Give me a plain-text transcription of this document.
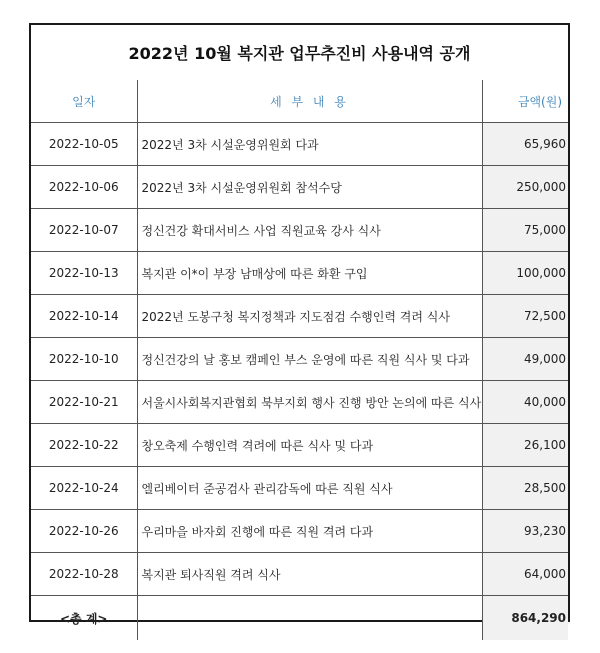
2022년 10월 복지관 업무추진비 사용내역 공개
일자	세 부 내 용	금액(원)
2022-10-05	2022년 3차 시설운영위원회 다과	65,960
2022-10-06	2022년 3차 시설운영위원회 참석수당	250,000
2022-10-07	정신건강 확대서비스 사업 직원교육 강사 식사	75,000
2022-10-13	복지관 이*이 부장 남매상에 따른 화환 구입	100,000
2022-10-14	2022년 도봉구청 복지정책과 지도점검 수행인력 격려 식사	72,500
2022-10-10	정신건강의 날 홍보 캠페인 부스 운영에 따른 직원 식사 및 다과	49,000
2022-10-21	서울시사회복지관협회 북부지회 행사 진행 방안 논의에 따른 식사	40,000
2022-10-22	창오축제 수행인력 격려에 따른 식사 및 다과	26,100
2022-10-24	엘리베이터 준공검사 관리감독에 따른 직원 식사	28,500
2022-10-26	우리마을 바자회 진행에 따른 직원 격려 다과	93,230
2022-10-28	복지관 퇴사직원 격려 식사	64,000
<총 계>		864,290
